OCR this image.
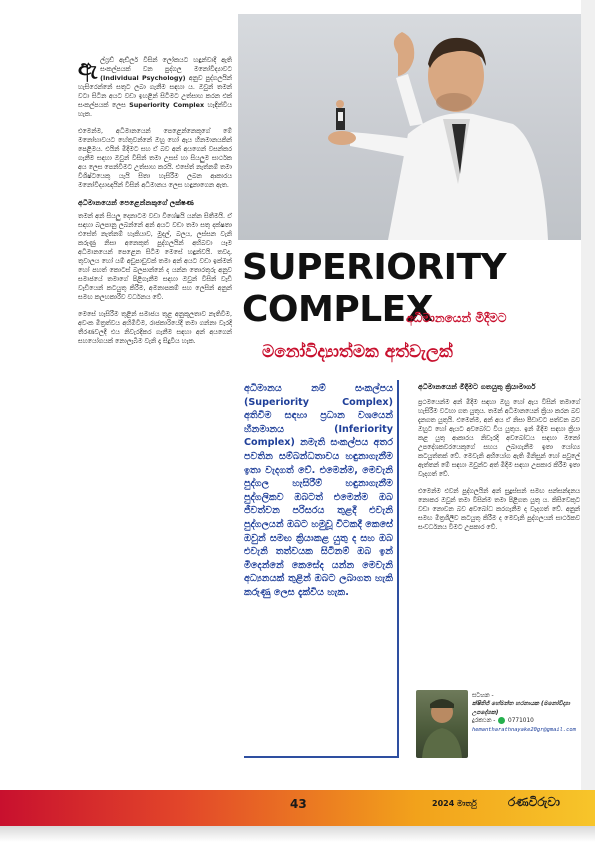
ඇ ල්ෆ්‍රඩ් ඇඩ්ලර් විසින් ලෝකයට හඳුන්වාදී ඇති සංකල්පයක් වන පුද්ගල මනෝවිද්‍යාවට (Individual Psychology) අනුව පුද්ගලයින් හැසිරෙන්නේ සතුට ලබා ගැනීම සඳහා ය. ඔවුන් තමන් වටා සිටින අයට වඩා ඉහළින් සිටීමට උත්සාහ කරන එක් සංකල්පයක් ලෙස Superiority Complex හැඳින්විය හැක.

එමෙන්ම, අධිමානයෙන් පෙළෙන්නෙකුගේ මේ මනෝභාවයට හේතුවන්නේ ඔහු හෝ ඇය හීනමානයකින් පෙළීමය. එයින් මිදීමට සහ ඒ බව අන් අයගෙන් වසන්කර ගැනීම සඳහා ඔවුන් විසින් තමා උසස් හා සියලුම සාර්ථක අය ලෙස පෙන්වීමට උත්සාහ කරයි. එසේත් නැත්නම් තමා විශිෂ්ටයෙකු යැයි සිතා හැසිරීම ලබන ආකාරය මනෝවිද්‍යාඥයින් විසින් අධිමානය ලෙස හඳුනාගෙන ඇත.

අධිමානයෙන් පෙළෙන්නකුගේ ලක්ෂණ

තමන් අන් සියලු දෙනාටම වඩා විශේෂයි යන්න සිතීමයි. ඒ සඳහා බලපානු ලබන්නේ අන් අයට වඩා තමා සතු දක්ෂතා එසේත් නැත්නම් හැකියාව, මුදල්, බලය, ලස්සන වැනි කරුණු නිසා අනෙකුත් පුද්ගලයින් අභිබවා යෑම අධිමානයෙන් පෙළෙන සිටීම මෙසේ හඳුන්වයි. තවද, තුවාලය හෝ යම් අඩුපාඩුවක් තමා අන් අයට වඩා ඉක්මන් හෝ පහත් කොටස් බලපාන්නේ ද යන්න තොරතුරු අනුව සමාජයේ තමාගේ පිළිගැනීම සඳහා ඔවුන් විසින් වැඩි වැඩියෙන් කටයුතු කිරීම, අමනාපකම් සහ ලෙසින් අනුන් සමඟ කලහකාරීව වර්ධනය වේ.

මෙසේ හැසිරීම තුළින් සමාජය තුළ අනුකූලතාව නැතිවීම, අවංක මිත්‍රත්වය අහිමිවීම, රාජකාරියේදී තමා ගන්නා වැරදි තීරණවලදී එය නිවැරදිකර ගැනීම සඳහා අන් අයගෙන් සහයෝගයක් නොලැබීම වැනි දෑ සිදුවිය හැක.

SUPERIORITY
COMPLEX
අධිමානයෙන් මිදීමට
මනෝවිද්‍යාත්මක අත්වැලක්

අධිමානය නම් සංකල්පය (Superiority Complex) අතිවිම සඳහා ප්‍රධාන වශයෙන් හීනමානය (Inferiority Complex) නමැති සංකල්පය අතර පවතින සම්බන්ධතාවය හඳුනාගැනීම ඉතා වැදගත් වේ. එමෙන්ම, මෙවැනි පුද්ගල හැසිරීම් හඳුනාගැනීම පුද්ගලිකව ඔබටත් එමෙන්ම ඔබ ජීවත්වන පරිසරය තුළදී එවැනි පුද්ගලයන් ඔබට හමුවූ විටකදී කෙසේ ඔවුන් සමඟ ක්‍රියාකළ යුතු ද සහ ඔබ එවැනි තත්වයක සිටීනම් ඔබ ඉන් මිදෙන්නේ කෙසේද යන්න මෙවැනි අධ්‍යනයක් තුළින් ඔබට ලබාගත හැකි කරුණු ලෙස දැක්විය හැක.

අධිමානයෙන් මිදීමට ගතයුතු ක්‍රියාමාර්ග

ප්‍රථමයෙන්ම අන් මිදීම සඳහා ඔහු හෝ ඇය විසින් තමාගේ හැසිරීම වටහා ගත යුතුය. තමන් අධිමානයෙන් ක්‍රියා කරන බව දැනගත යුතුයි. එමෙන්ම, අන් අය ඒ නිසා පීඩාවට පත්වන බව ඔහුට හෝ ඇයට අවබෝධ විය යුතුය. ඉන් මිදීම සඳහා ක්‍රියා කළ යුතු ආකාරය නිවැරදි අවබෝධය සඳහා මනෝ උපදේශකවරයෙකුගේ සහය ලබාගැනීම ඉතා යෝග්‍ය කටයුත්තක් වේ. මෙවැනි අභියෝග ඇති මිනිසුන් හෝ පවුලේ ඇත්තන් මේ සඳහා ඔවුන්ට අත් මිදීම සඳහා උපකාර කිරීම ඉතා වැදගත් වේ.

එමෙන්ම එවන් පුද්ගලයින් අන් සුදුස්සන් සමඟ සන්සන්දනය නොකර ඔවුන් තමා විසින්ම තමා පිළිගත යුතු ය. කිසිවෙකුට වඩා නොවන බව අවබෝධ කරගැනීම ද වැදගත් වේ. අනුන් සමඟ මිත්‍රශීලීව කටයුතු කිරීම ද මෙවැනි පුද්ගලයන් සාර්ථකව සංවර්ධනය වීමට උපකාර වේ.

සටහන -
ක්ෂිතිජ් හේමන්ත හරනායක (මනෝවිද්‍යා උපදේශක)
දුරකථන - 0771010
hemantharathnayake20gr@gmail.com
43	2024 මාර්තු	රණවිරුවා
